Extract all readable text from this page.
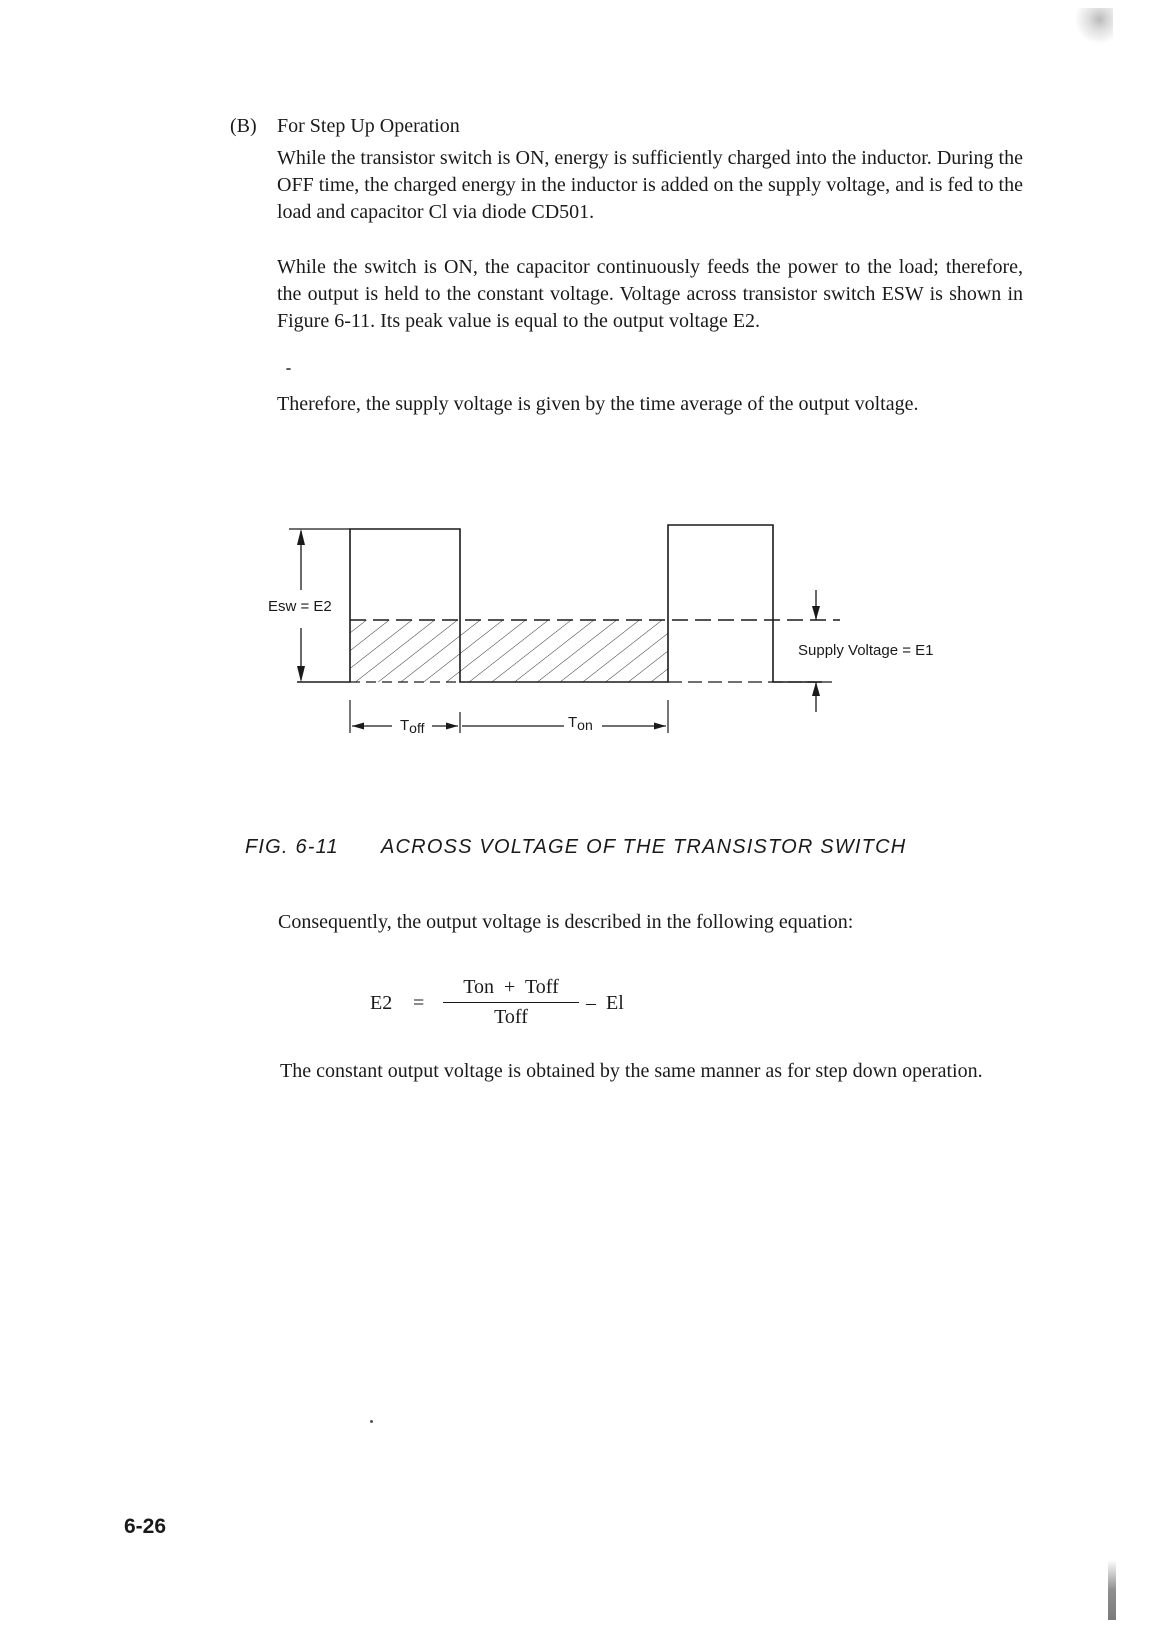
(B) For Step Up Operation
While the transistor switch is ON, energy is sufficiently charged into the inductor. During the OFF time, the charged energy in the inductor is added on the supply voltage, and is fed to the load and capacitor Cl via diode CD501.
While the switch is ON, the capacitor continuously feeds the power to the load; therefore, the output is held to the constant voltage. Voltage across transistor switch ESW is shown in Figure 6-11. Its peak value is equal to the output voltage E2.
Therefore, the supply voltage is given by the time average of the output voltage.
Esw = E2
Supply Voltage = E1
Toff	Ton
FIG. 6-11 ACROSS VOLTAGE OF THE TRANSISTOR SWITCH
Consequently, the output voltage is described in the following equation:
E2 =
Ton  +  Toff
Toff
–  El
The constant output voltage is obtained by the same manner as for step down operation.
6-26
